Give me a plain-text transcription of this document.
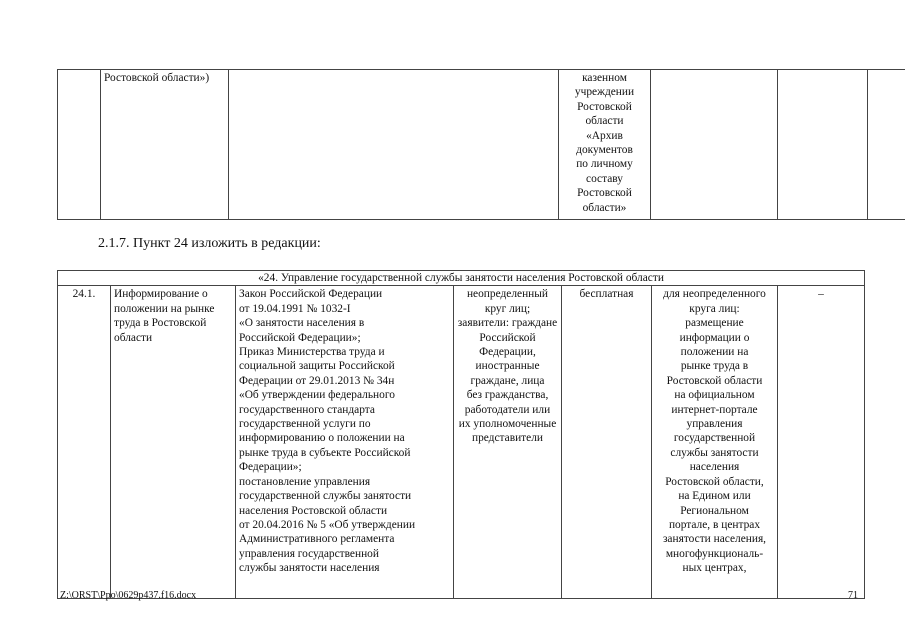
	Ростовской области»)		казенном
учреждении
Ростовской
области
«Архив
документов
по личному
составу
Ростовской
области»			
2.1.7. Пункт 24 изложить в редакции:
«24. Управление государственной службы занятости населения Ростовской области
24.1.	Информирование о
положении на рынке
труда в Ростовской
области	Закон Российской Федерации
от 19.04.1991 № 1032-I
«О занятости населения в
Российской Федерации»;
Приказ Министерства труда и
социальной защиты Российской
Федерации от 29.01.2013 № 34н
«Об утверждении федерального
государственного стандарта
государственной услуги по
информированию о положении на
рынке труда в субъекте Российской
Федерации»;
постановление управления
государственной службы занятости
населения Ростовской области
от 20.04.2016 № 5 «Об утверждении
Административного регламента
управления государственной
службы занятости населения	неопределенный
круг лиц;
заявители: граждане
Российской
Федерации,
иностранные
граждане, лица
без гражданства,
работодатели или
их уполномоченные
представители	бесплатная	для неопределенного
круга лиц:
размещение
информации о
положении на
рынке труда в
Ростовской области
на официальном
интернет-портале
управления
государственной
службы занятости
населения
Ростовской области,
на Едином или
Региональном
портале, в центрах
занятости населения,
многофункциональ-
ных центрах,	–
Z:\ORST\Ppo\0629p437.f16.docx	71
